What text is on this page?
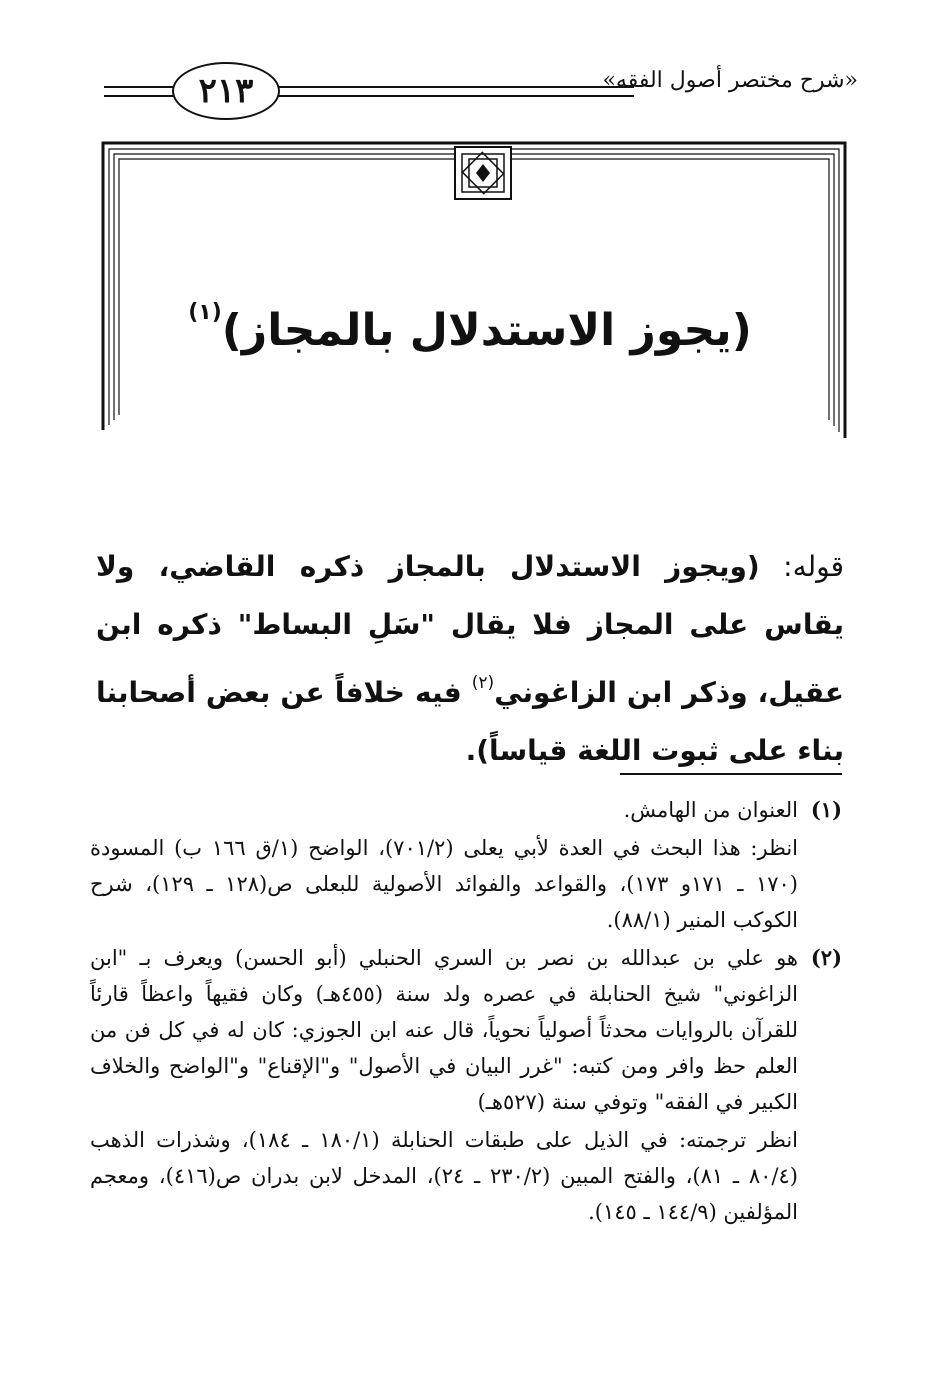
«شرح مختصر أصول الفقه»
٢١٣
(يجوز الاستدلال بالمجاز)$^{(١)}$
قوله: (ويجوز الاستدلال بالمجاز ذكره القاضي، ولا يقاس على المجاز فلا يقال "سَلِ البساط" ذكره ابن عقيل، وذكر ابن الزاغوني$^{(٢)}$ فيه خلافاً عن بعض أصحابنا بناء على ثبوت اللغة قياساً).
(١)

العنوان من الهامش.

انظر: هذا البحث في العدة لأبي يعلى (٧٠١/٢)، الواضح (١/ق ١٦٦ ب) المسودة (١٧٠ ـ ١٧١و ١٧٣)، والقواعد والفوائد الأصولية للبعلى ص(١٢٨ ـ ١٢٩)، شرح الكوكب المنير (٨٨/١).

(٢)

هو علي بن عبدالله بن نصر بن السري الحنبلي (أبو الحسن) ويعرف بـ "ابن الزاغوني" شيخ الحنابلة في عصره ولد سنة (٤٥٥هـ) وكان فقيهاً واعظاً قارئاً للقرآن بالروايات محدثاً أصولياً نحوياً، قال عنه ابن الجوزي: كان له في كل فن من العلم حظ وافر ومن كتبه: "غرر البيان في الأصول" و"الإقناع" و"الواضح والخلاف الكبير في الفقه" وتوفي سنة (٥٢٧هـ)

انظر ترجمته: في الذيل على طبقات الحنابلة (١٨٠/١ ـ ١٨٤)، وشذرات الذهب (٨٠/٤ ـ ٨١)، والفتح المبين (٢٣٠/٢ ـ ٢٤)، المدخل لابن بدران ص(٤١٦)، ومعجم المؤلفين (١٤٤/٩ ـ ١٤٥).
